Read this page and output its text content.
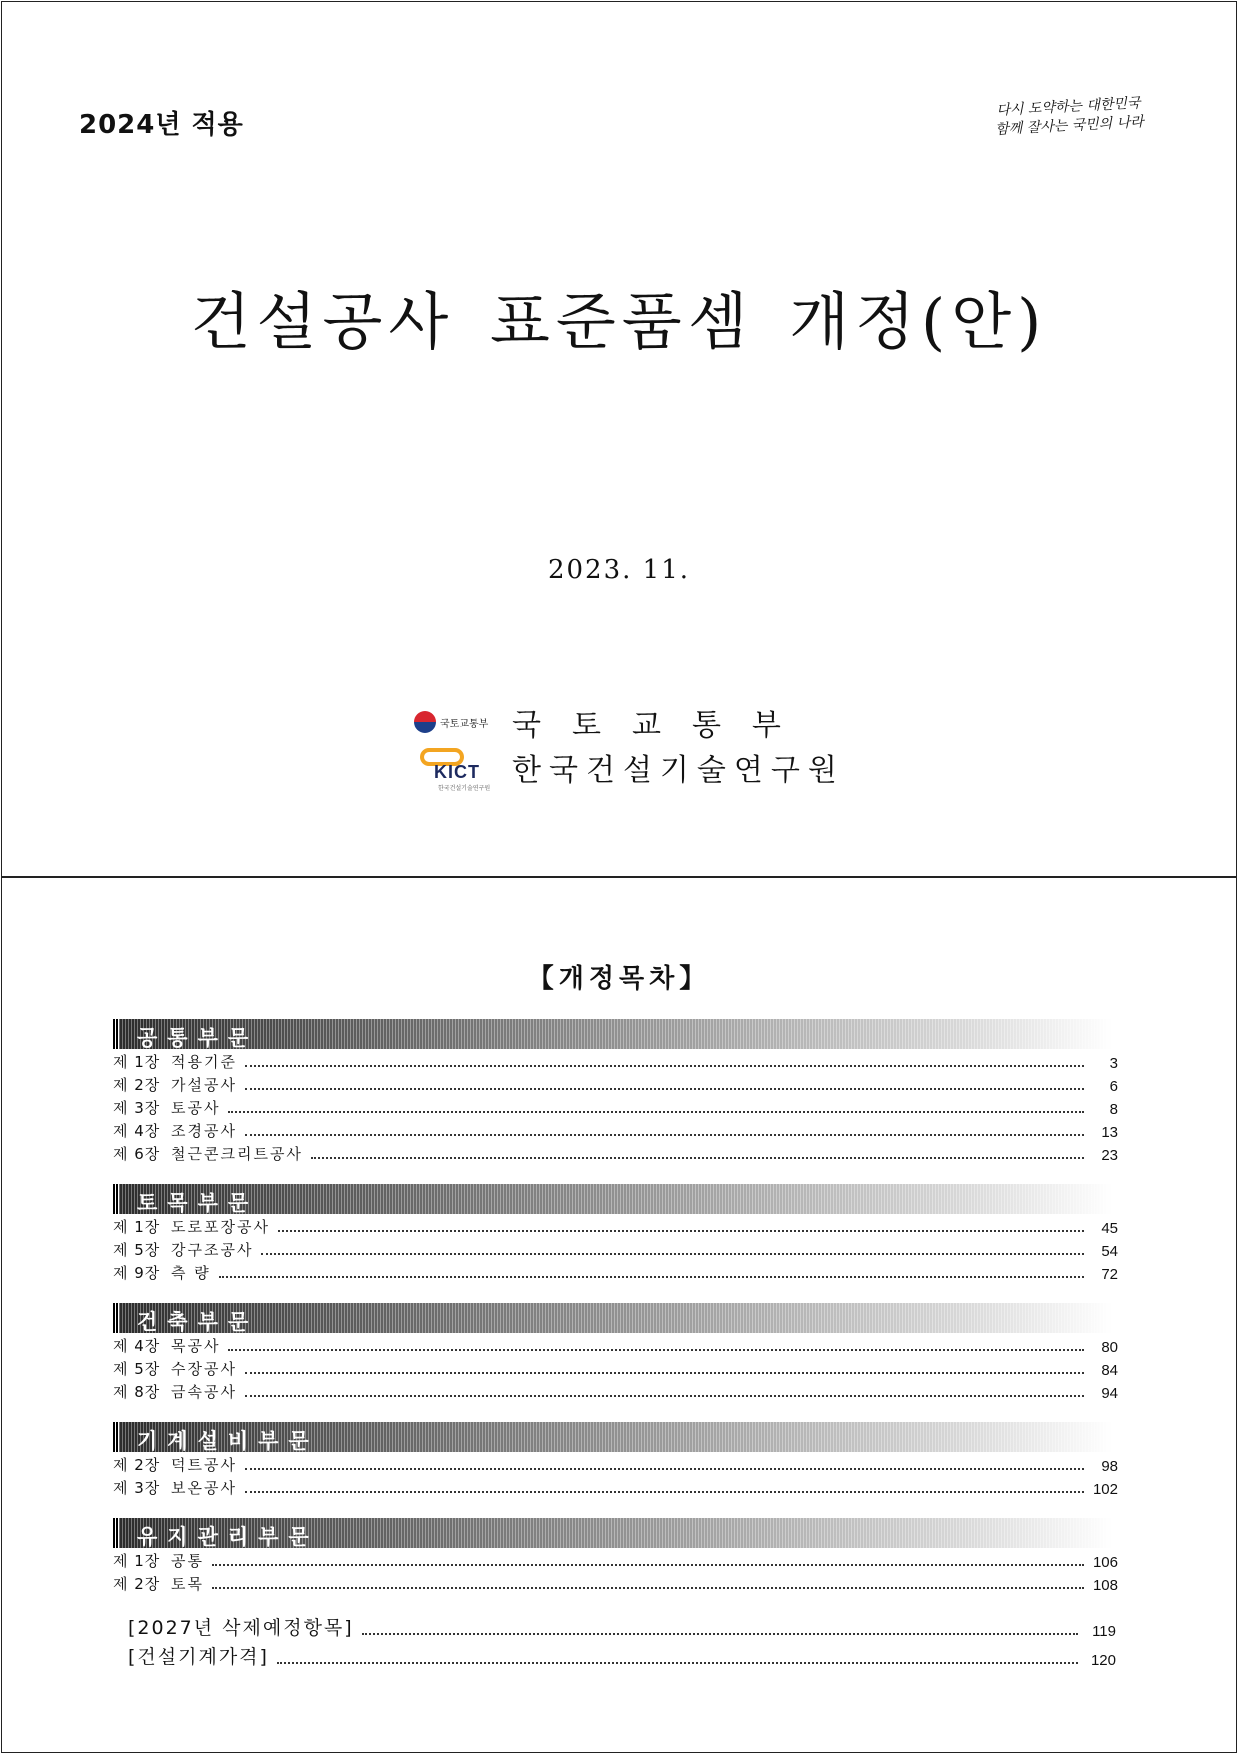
2024년 적용
다시 도약하는 대한민국
함께 잘사는 국민의 나라
건설공사 표준품셈 개정(안)
2023. 11.
국토교통부 국토교통부
KICT
한국건설기술연구원
한국건설기술연구원
【개정목차】
공통부문
제 1장 적용기준	3
제 2장 가설공사	6
제 3장 토공사	8
제 4장 조경공사	13
제 6장 철근콘크리트공사	23
토목부문
제 1장 도로포장공사	45
제 5장 강구조공사	54
제 9장 측 량	72
건축부문
제 4장 목공사	80
제 5장 수장공사	84
제 8장 금속공사	94
기계설비부문
제 2장 덕트공사	98
제 3장 보온공사	102
유지관리부문
제 1장 공통	106
제 2장 토목	108
[2027년 삭제예정항목]	119
[건설기계가격]	120
